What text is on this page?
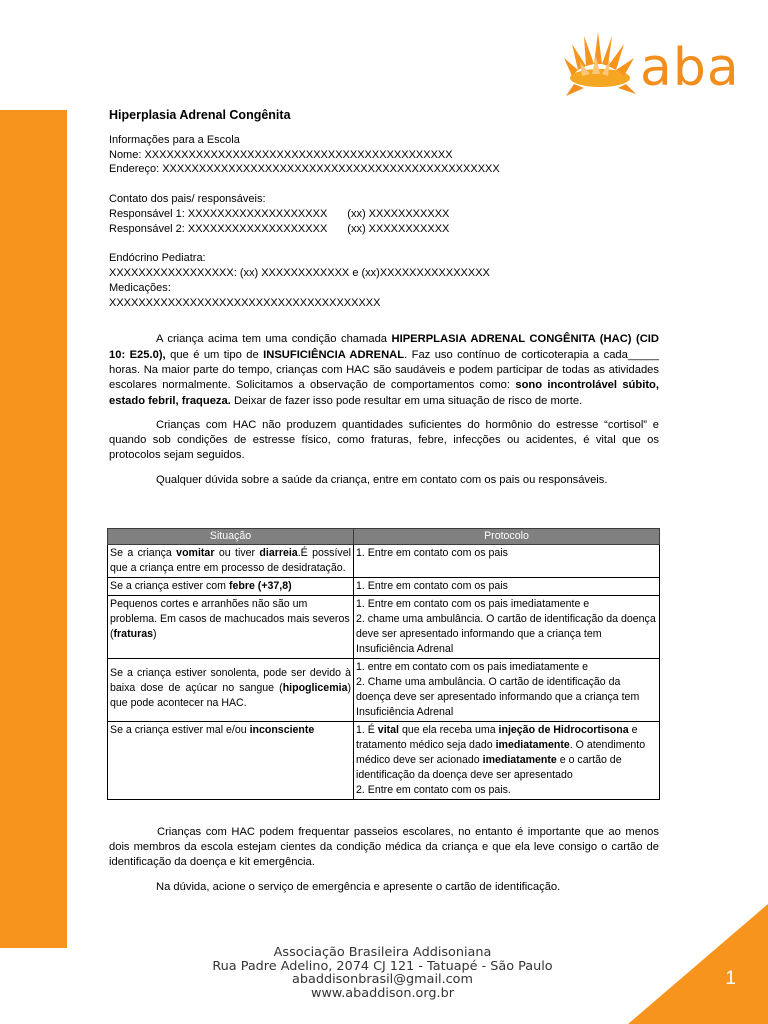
1
aba
Hiperplasia Adrenal Congênita
Informações para a Escola
Nome: XXXXXXXXXXXXXXXXXXXXXXXXXXXXXXXXXXXXXXXXXX
Endereço: XXXXXXXXXXXXXXXXXXXXXXXXXXXXXXXXXXXXXXXXXXXXXX
Contato dos pais/ responsáveis:
Responsável 1: XXXXXXXXXXXXXXXXXXX (xx) XXXXXXXXXXX
Responsável 2: XXXXXXXXXXXXXXXXXXX (xx) XXXXXXXXXXX
Endócrino Pediatra:
XXXXXXXXXXXXXXXXX: (xx) XXXXXXXXXXXX e (xx)XXXXXXXXXXXXXXX
Medicações:
XXXXXXXXXXXXXXXXXXXXXXXXXXXXXXXXXXXXX

A criança acima tem uma condição chamada HIPERPLASIA ADRENAL CONGÊNITA (HAC) (CID 10: E25.0), que é um tipo de INSUFICIÊNCIA ADRENAL. Faz uso contínuo de corticoterapia a cada_____ horas. Na maior parte do tempo, crianças com HAC são saudáveis e podem participar de todas as atividades escolares normalmente. Solicitamos a observação de comportamentos como: sono incontrolável súbito, estado febril, fraqueza. Deixar de fazer isso pode resultar em uma situação de risco de morte.

Crianças com HAC não produzem quantidades suficientes do hormônio do estresse “cortisol” e quando sob condições de estresse físico, como fraturas, febre, infecções ou acidentes, é vital que os protocolos sejam seguidos.

Qualquer dúvida sobre a saúde da criança, entre em contato com os pais ou responsáveis.

Situação	Protocolo
Se a criança vomitar ou tiver diarreia.É possível que a criança entre em processo de desidratação.	1. Entre em contato com os pais
Se a criança estiver com febre (+37,8)	1. Entre em contato com os pais
Pequenos cortes e arranhões não são um problema. Em casos de machucados mais severos (fraturas)	1. Entre em contato com os pais imediatamente e
2. chame uma ambulância. O cartão de identificação da doença deve ser apresentado informando que a criança tem Insuficiência Adrenal

Se a criança estiver sonolenta, pode ser devido à baixa dose de açúcar no sangue (hipoglicemia) que pode acontecer na HAC.	1. entre em contato com os pais imediatamente e
2. Chame uma ambulância. O cartão de identificação da doença deve ser apresentado informando que a criança tem Insuficiência Adrenal

Se a criança estiver mal e/ou inconsciente	1. É vital que ela receba uma injeção de Hidrocortisona e tratamento médico seja dado imediatamente. O atendimento médico deve ser acionado imediatamente e o cartão de identificação da doença deve ser apresentado
2. Entre em contato com os pais.
Crianças com HAC podem frequentar passeios escolares, no entanto é importante que ao menos dois membros da escola estejam cientes da condição médica da criança e que ela leve consigo o cartão de identificação da doença e kit emergência.
Na dúvida, acione o serviço de emergência e apresente o cartão de identificação.
Associação Brasileira Addisoniana
Rua Padre Adelino, 2074 CJ 121 - Tatuapé - São Paulo
abaddisonbrasil@gmail.com
www.abaddison.org.br
